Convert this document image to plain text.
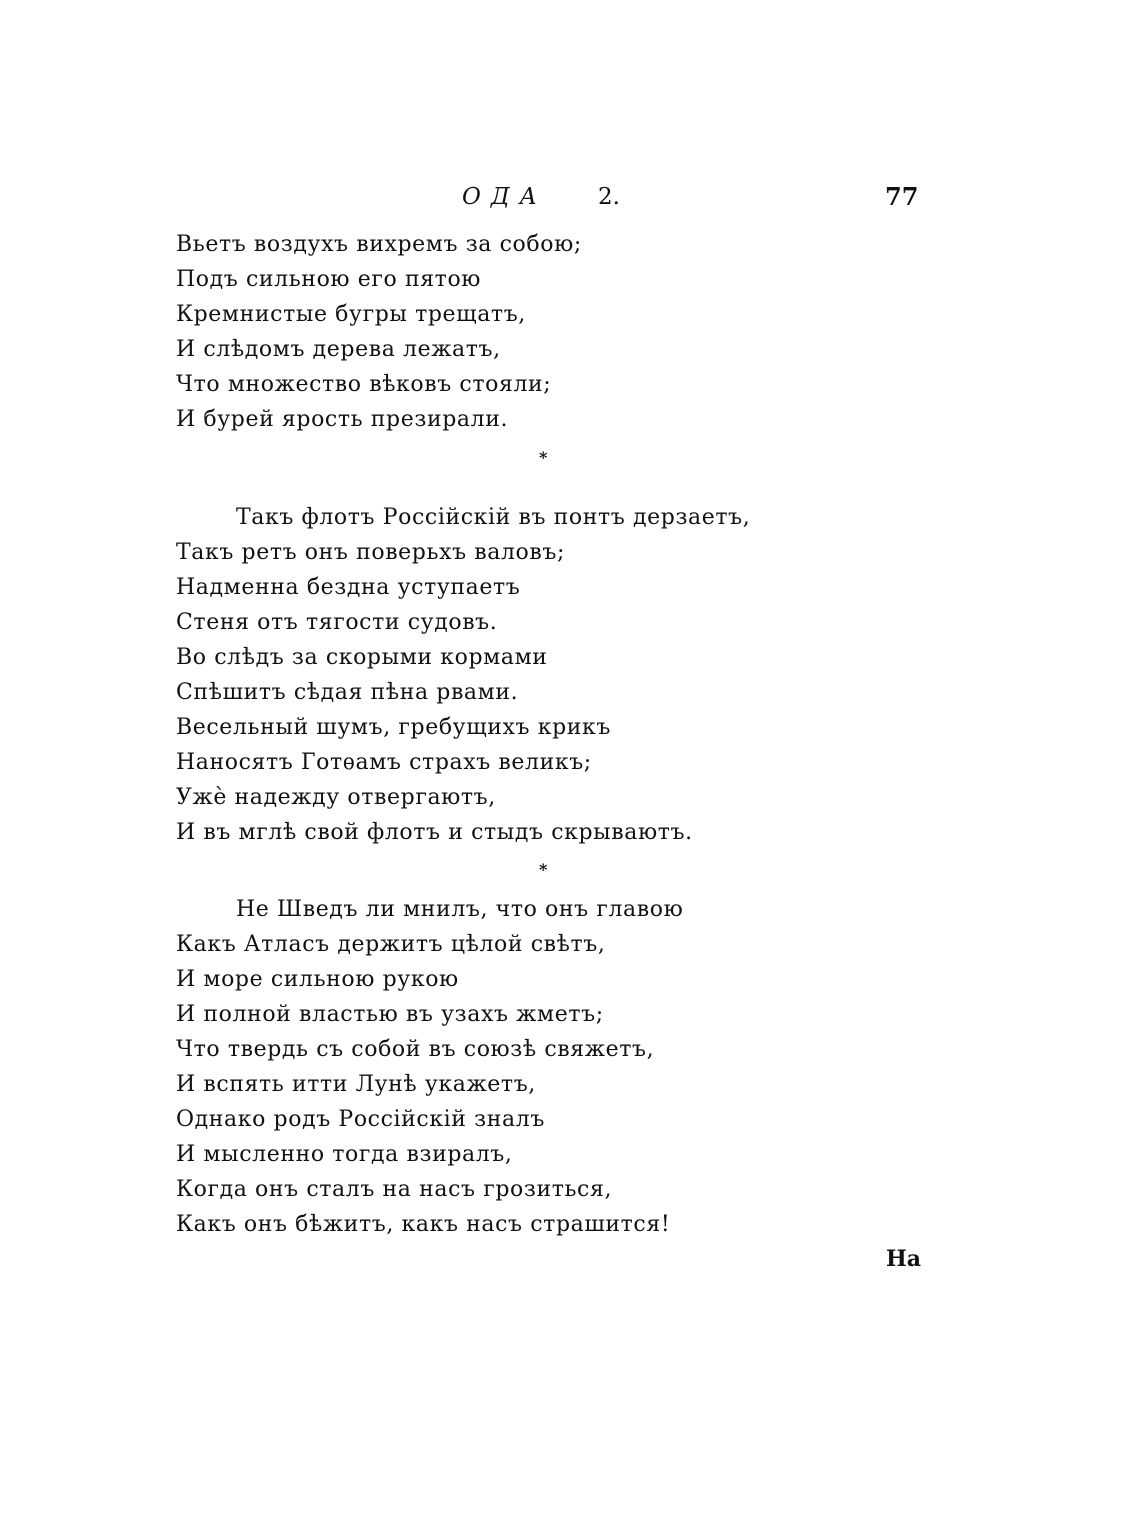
ОДА 2.	77
Вьетъ воздухъ вихремъ за собою;
Подъ сильною его пятою
Кремнистые бугры трещатъ,
И слѣдомъ дерева лежатъ,
Что множество вѣковъ стояли;
И бурей ярость презирали.
*
Такъ флотъ Россійскій въ понтъ дерзаетъ,
Такъ ретъ онъ поверьхъ валовъ;
Надменна бездна уступаетъ
Стеня отъ тягости судовъ.
Во слѣдъ за скорыми кормами
Спѣшитъ сѣдая пѣна рвами.
Весельный шумъ, гребущихъ крикъ
Наносятъ Готѳамъ страхъ великъ;
Ужè надежду отвергаютъ,
И въ мглѣ свой флотъ и стыдъ скрываютъ.
*
Не Шведъ ли мнилъ, что онъ главою
Какъ Атласъ держитъ цѣлой свѣтъ,
И море сильною рукою
И полной властью въ узахъ жметъ;
Что твердь съ собой въ союзѣ свяжетъ,
И вспять итти Лунѣ укажетъ,
Однако родъ Россійскій зналъ
И мысленно тогда взиралъ,
Когда онъ сталъ на насъ грозиться,
Какъ онъ бѣжитъ, какъ насъ страшится!
На
